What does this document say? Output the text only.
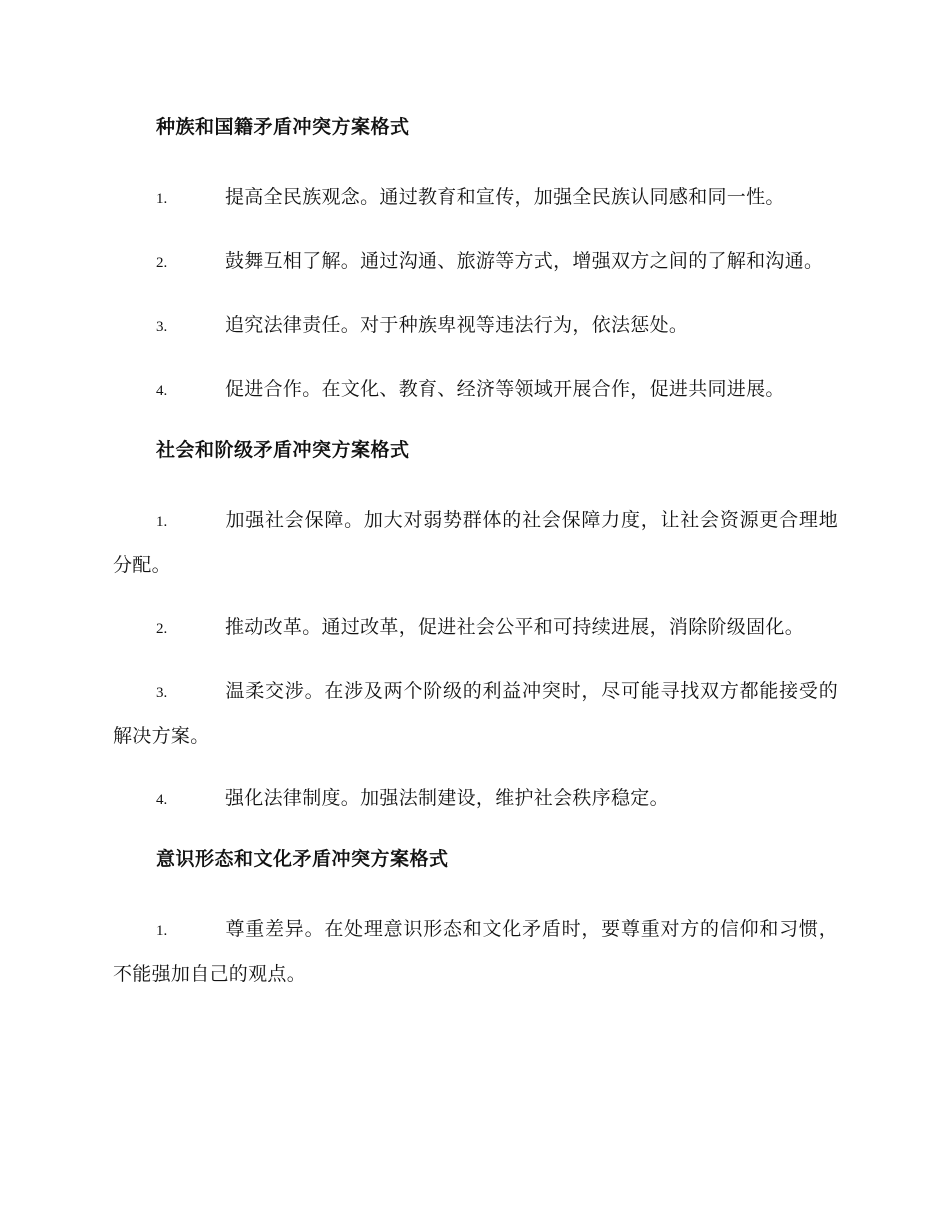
种族和国籍矛盾冲突方案格式

1.	提高全民族观念。通过教育和宣传，加强全民族认同感和同一性。

2.	鼓舞互相了解。通过沟通、旅游等方式，增强双方之间的了解和沟通。

3.	追究法律责任。对于种族卑视等违法行为，依法惩处。

4.	促进合作。在文化、教育、经济等领域开展合作，促进共同进展。

社会和阶级矛盾冲突方案格式

1.	加强社会保障。加大对弱势群体的社会保障力度，让社会资源更合理地分配。

2.	推动改革。通过改革，促进社会公平和可持续进展，消除阶级固化。

3.	温柔交涉。在涉及两个阶级的利益冲突时，尽可能寻找双方都能接受的解决方案。

4.	强化法律制度。加强法制建设，维护社会秩序稳定。

意识形态和文化矛盾冲突方案格式

1.	尊重差异。在处理意识形态和文化矛盾时，要尊重对方的信仰和习惯，不能强加自己的观点。
